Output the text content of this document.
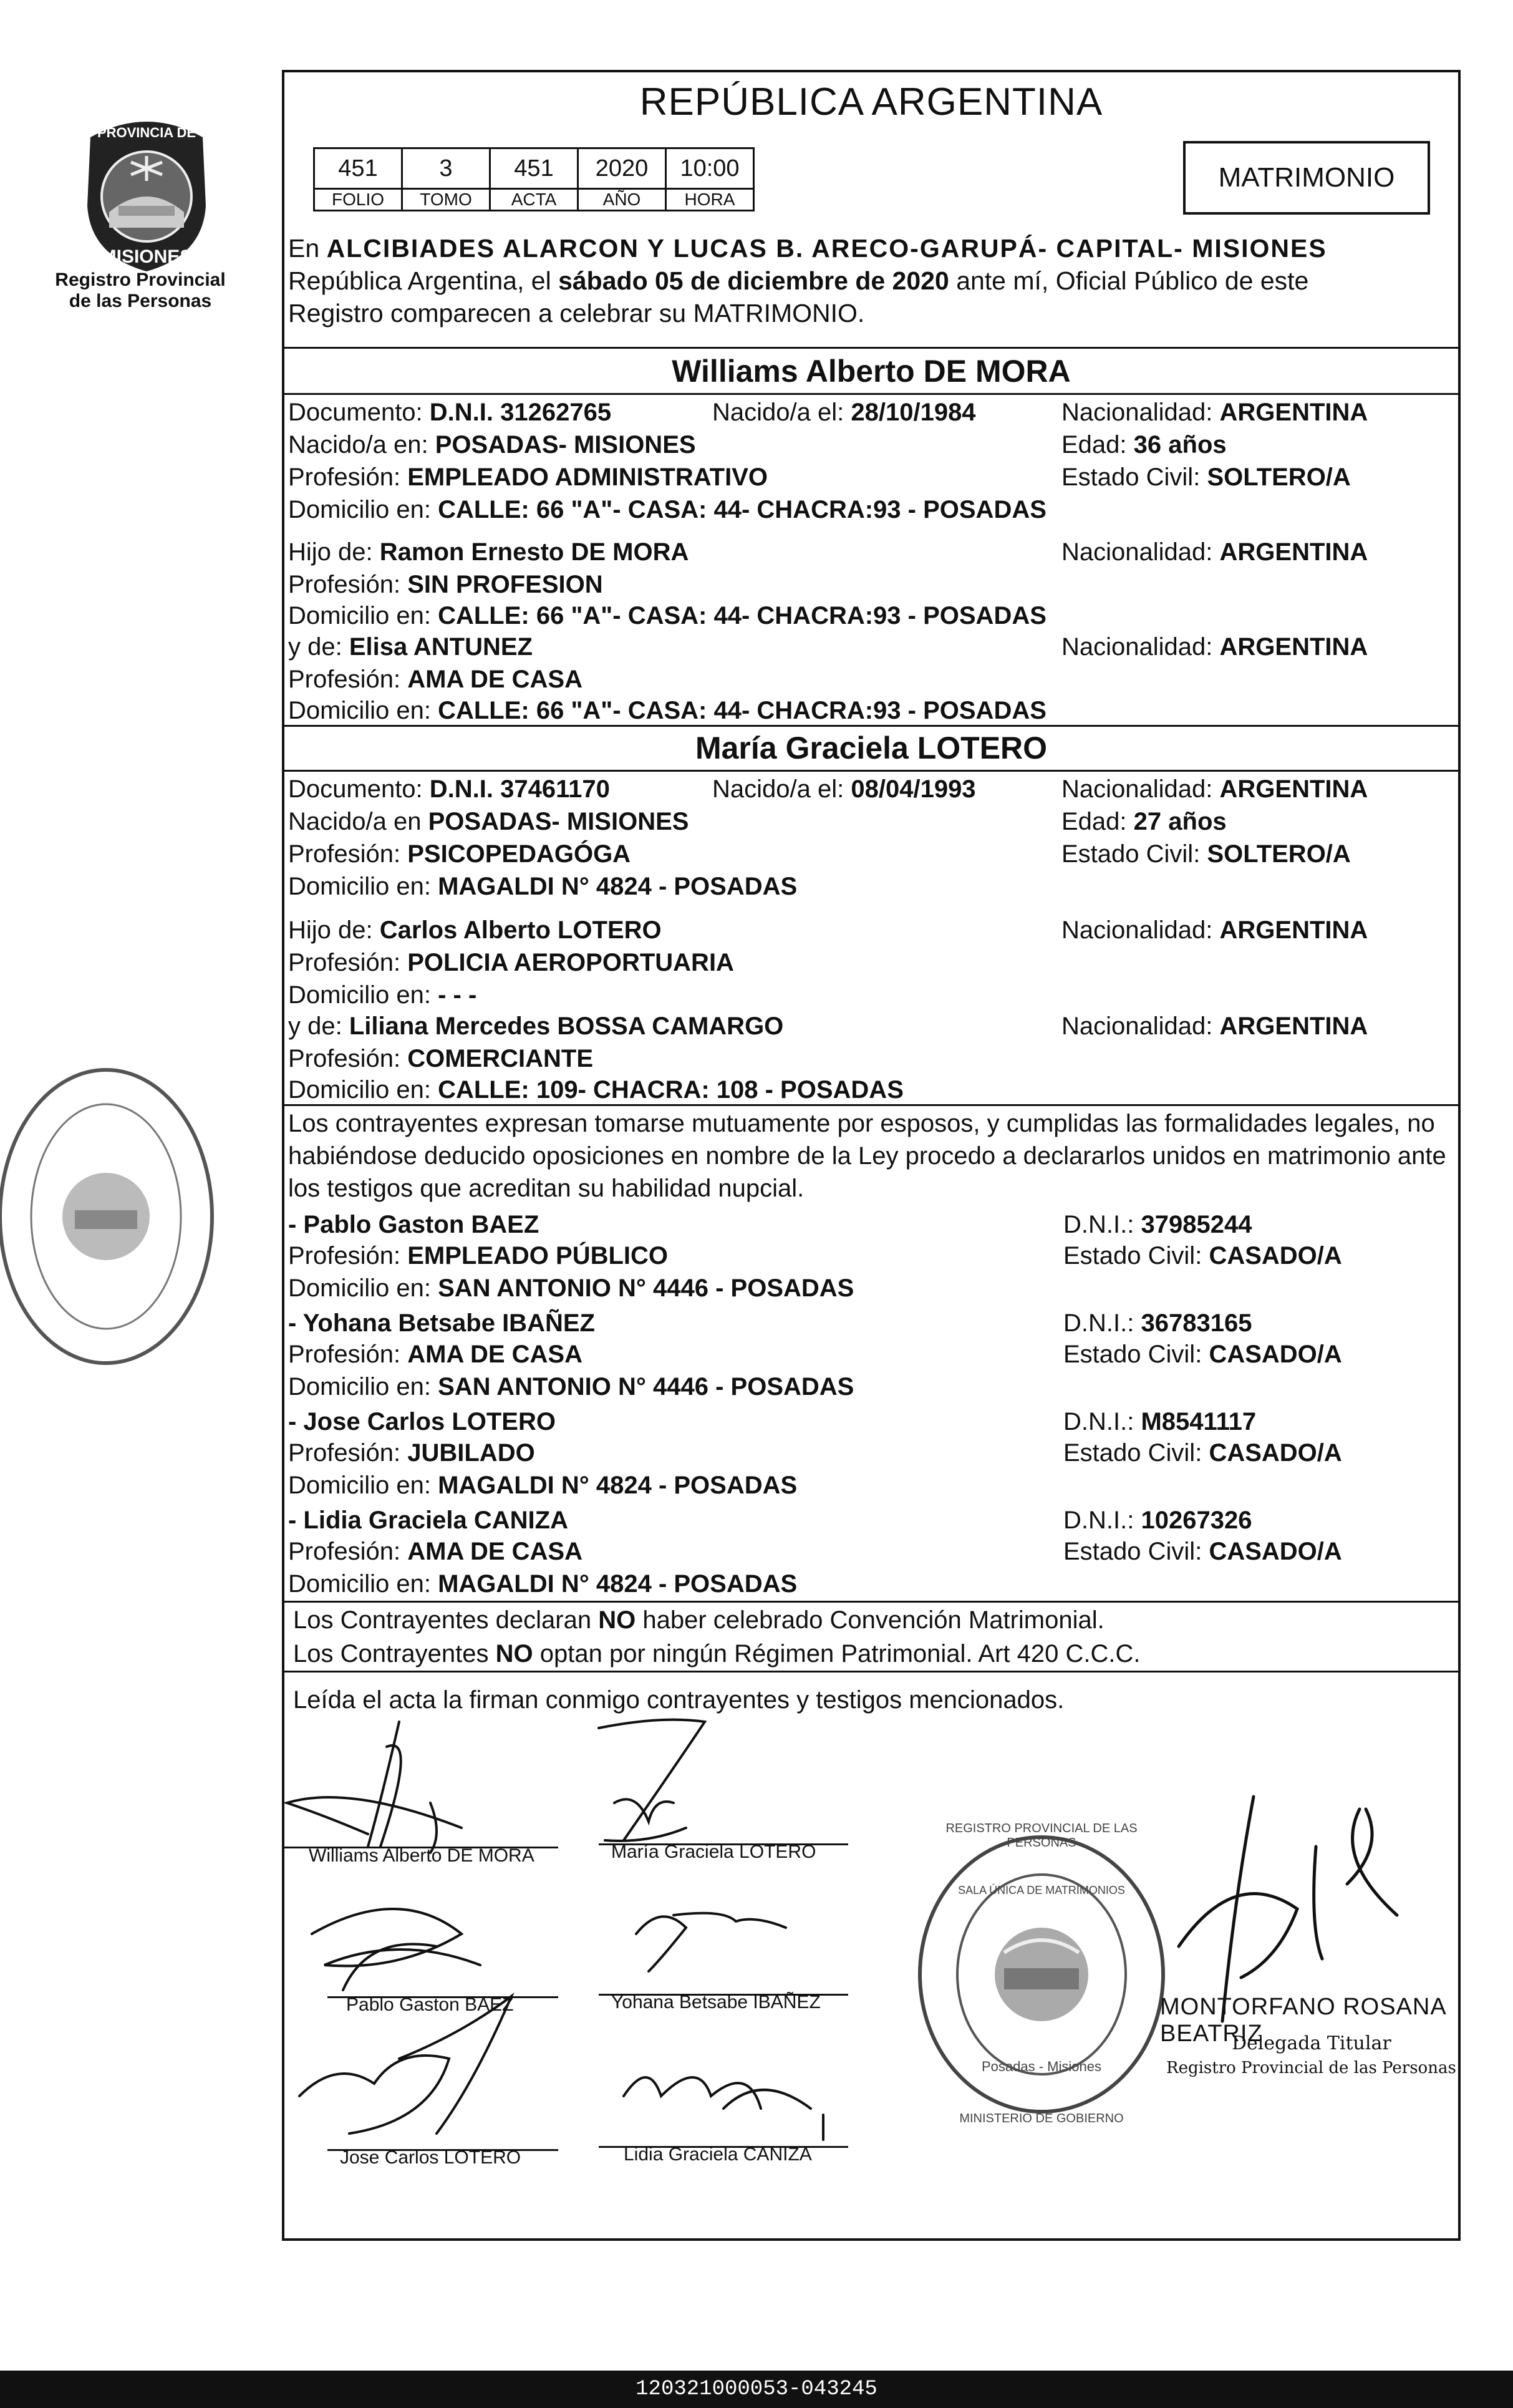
PROVINCIA DE
MISIONES
Registro Provincial
de las Personas
REPÚBLICA ARGENTINA
451	3	451	2020	10:00
FOLIO	TOMO	ACTA	AÑO	HORA
MATRIMONIO
En ALCIBIADES ALARCON Y LUCAS B. ARECO-GARUPÁ- CAPITAL- MISIONES
República Argentina, el sábado 05 de diciembre de 2020 ante mí, Oficial Público de este
Registro comparecen a celebrar su MATRIMONIO.
Williams Alberto DE MORA
Documento: D.N.I. 31262765	Nacido/a el: 28/10/1984	Nacionalidad: ARGENTINA
Nacido/a en: POSADAS- MISIONES	Edad: 36 años
Profesión: EMPLEADO ADMINISTRATIVO	Estado Civil: SOLTERO/A
Domicilio en: CALLE: 66 "A"- CASA: 44- CHACRA:93 - POSADAS
Hijo de: Ramon Ernesto DE MORA	Nacionalidad: ARGENTINA
Profesión: SIN PROFESION
Domicilio en: CALLE: 66 "A"- CASA: 44- CHACRA:93 - POSADAS
y de: Elisa ANTUNEZ	Nacionalidad: ARGENTINA
Profesión: AMA DE CASA
Domicilio en: CALLE: 66 "A"- CASA: 44- CHACRA:93 - POSADAS
María Graciela LOTERO
Documento: D.N.I. 37461170	Nacido/a el: 08/04/1993	Nacionalidad: ARGENTINA
Nacido/a en POSADAS- MISIONES	Edad: 27 años
Profesión: PSICOPEDAGÓGA	Estado Civil: SOLTERO/A
Domicilio en: MAGALDI N° 4824 - POSADAS
Hijo de: Carlos Alberto LOTERO	Nacionalidad: ARGENTINA
Profesión: POLICIA AEROPORTUARIA
Domicilio en: - - -
y de: Liliana Mercedes BOSSA CAMARGO	Nacionalidad: ARGENTINA
Profesión: COMERCIANTE
Domicilio en: CALLE: 109- CHACRA: 108 - POSADAS
Los contrayentes expresan tomarse mutuamente por esposos, y cumplidas las formalidades legales, no
habiéndose deducido oposiciones en nombre de la Ley procedo a declararlos unidos en matrimonio ante
los testigos que acreditan su habilidad nupcial.
- Pablo Gaston BAEZ	D.N.I.: 37985244
Profesión: EMPLEADO PÚBLICO	Estado Civil: CASADO/A
Domicilio en: SAN ANTONIO N° 4446 - POSADAS
- Yohana Betsabe IBAÑEZ	D.N.I.: 36783165
Profesión: AMA DE CASA	Estado Civil: CASADO/A
Domicilio en: SAN ANTONIO N° 4446 - POSADAS
- Jose Carlos LOTERO	D.N.I.: M8541117
Profesión: JUBILADO	Estado Civil: CASADO/A
Domicilio en: MAGALDI N° 4824 - POSADAS
- Lidia Graciela CANIZA	D.N.I.: 10267326
Profesión: AMA DE CASA	Estado Civil: CASADO/A
Domicilio en: MAGALDI N° 4824 - POSADAS
Los Contrayentes declaran NO haber celebrado Convención Matrimonial.
Los Contrayentes NO optan por ningún Régimen Patrimonial. Art 420 C.C.C.
Leída el acta la firman conmigo contrayentes y testigos mencionados.
Williams Alberto DE MORA	María Graciela LOTERO
Pablo Gaston BAEZ	Yohana Betsabe IBAÑEZ
Jose Carlos LOTERO	Lidia Graciela CANIZA
REGISTRO PROVINCIAL DE LAS PERSONAS
SALA ÚNICA DE MATRIMONIOS
Posadas - Misiones
MINISTERIO DE GOBIERNO
MONTORFANO ROSANA BEATRIZ
Delegada Titular
Registro Provincial de las Personas
120321000053-043245
